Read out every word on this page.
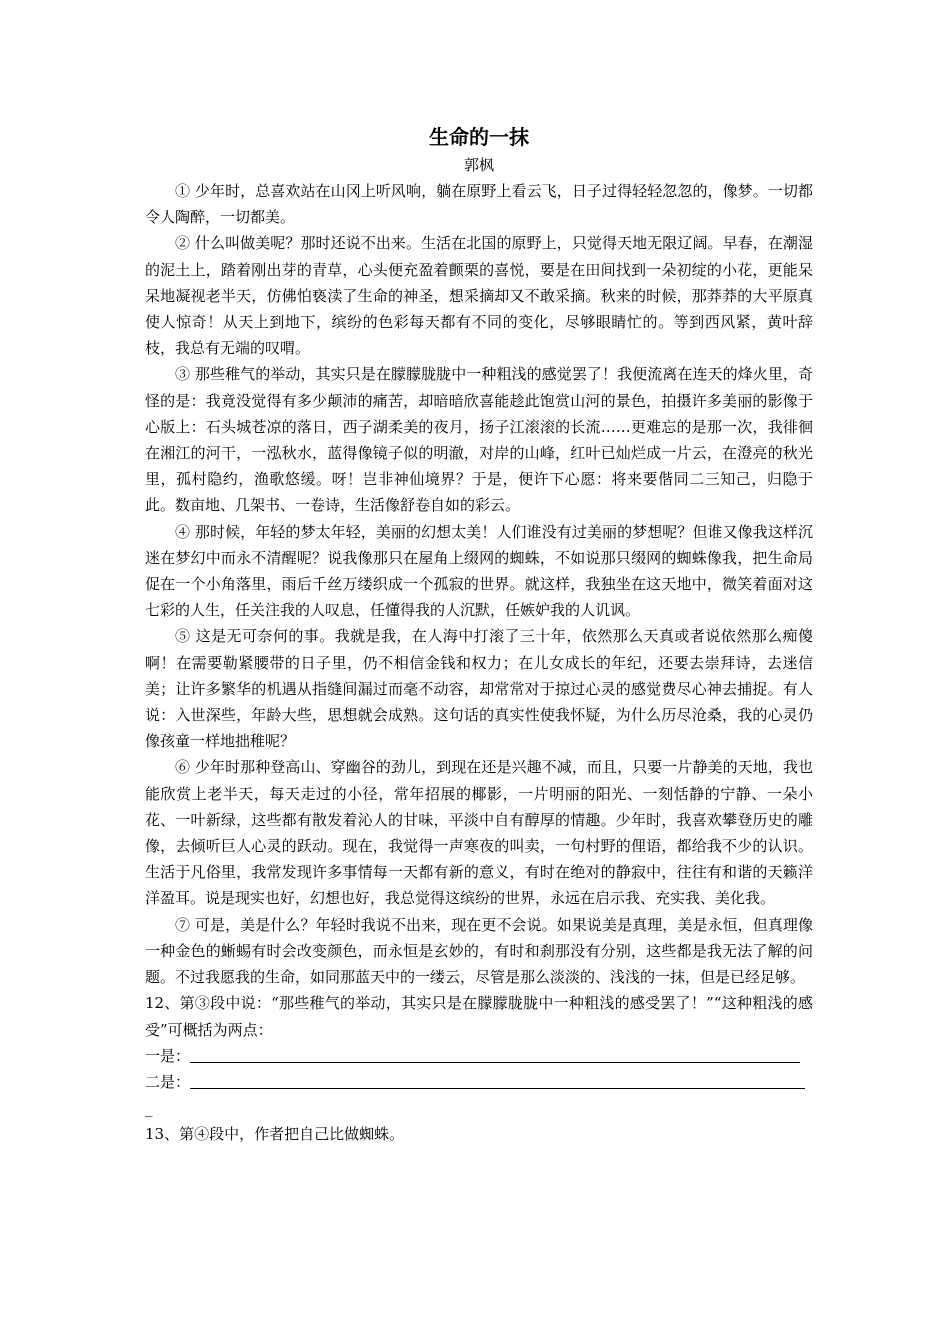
生命的一抹

郭枫

① 少年时，总喜欢站在山冈上听风响，躺在原野上看云飞，日子过得轻轻忽忽的，像梦。一切都令人陶醉，一切都美。

② 什么叫做美呢？那时还说不出来。生活在北国的原野上，只觉得天地无限辽阔。早春，在潮湿的泥土上，踏着刚出芽的青草，心头便充盈着颤栗的喜悦，要是在田间找到一朵初绽的小花，更能呆呆地凝视老半天，仿佛怕亵渎了生命的神圣，想采摘却又不敢采摘。秋来的时候，那莽莽的大平原真使人惊奇！从天上到地下，缤纷的色彩每天都有不同的变化，尽够眼睛忙的。等到西风紧，黄叶辞枝，我总有无端的叹喟。

③ 那些稚气的举动，其实只是在朦朦胧胧中一种粗浅的感觉罢了！我便流离在连天的烽火里，奇怪的是：我竟没觉得有多少颠沛的痛苦，却暗暗欣喜能趁此饱赏山河的景色，拍摄许多美丽的影像于心版上：石头城苍凉的落日，西子湖柔美的夜月，扬子江滚滚的长流……更难忘的是那一次，我徘徊在湘江的河干，一泓秋水，蓝得像镜子似的明澈，对岸的山峰，红叶已灿烂成一片云，在澄亮的秋光里，孤村隐约，渔歌悠缓。呀！岂非神仙境界？于是，便许下心愿：将来要偕同二三知己，归隐于此。数亩地、几架书、一卷诗，生活像舒卷自如的彩云。

④ 那时候，年轻的梦太年轻，美丽的幻想太美！人们谁没有过美丽的梦想呢？但谁又像我这样沉迷在梦幻中而永不清醒呢？说我像那只在屋角上缀网的蜘蛛，不如说那只缀网的蜘蛛像我，把生命局促在一个小角落里，雨后千丝万缕织成一个孤寂的世界。就这样，我独坐在这天地中，微笑着面对这七彩的人生，任关注我的人叹息，任懂得我的人沉默，任嫉妒我的人讥讽。

⑤ 这是无可奈何的事。我就是我，在人海中打滚了三十年，依然那么天真或者说依然那么痴傻啊！在需要勒紧腰带的日子里，仍不相信金钱和权力；在儿女成长的年纪，还要去崇拜诗，去迷信美；让许多繁华的机遇从指缝间漏过而毫不动容，却常常对于掠过心灵的感觉费尽心神去捕捉。有人说：入世深些，年龄大些，思想就会成熟。这句话的真实性使我怀疑，为什么历尽沧桑，我的心灵仍像孩童一样地拙稚呢？

⑥ 少年时那种登高山、穿幽谷的劲儿，到现在还是兴趣不减，而且，只要一片静美的天地，我也能欣赏上老半天，每天走过的小径，常年招展的椰影，一片明丽的阳光、一刻恬静的宁静、一朵小花、一叶新绿，这些都有散发着沁人的甘味，平淡中自有醇厚的情趣。少年时，我喜欢攀登历史的雕像，去倾听巨人心灵的跃动。现在，我觉得一声寒夜的叫卖，一句村野的俚语，都给我不少的认识。生活于凡俗里，我常发现许多事情每一天都有新的意义，有时在绝对的静寂中，往往有和谐的天籁洋洋盈耳。说是现实也好，幻想也好，我总觉得这缤纷的世界，永远在启示我、充实我、美化我。

⑦ 可是，美是什么？年轻时我说不出来，现在更不会说。如果说美是真理，美是永恒，但真理像一种金色的蜥蜴有时会改变颜色，而永恒是玄妙的，有时和刹那没有分别，这些都是我无法了解的问题。不过我愿我的生命，如同那蓝天中的一缕云，尽管是那么淡淡的、浅浅的一抹，但是已经足够。

12、第③段中说：“那些稚气的举动，其实只是在朦朦胧胧中一种粗浅的感受罢了！”“这种粗浅的感受”可概括为两点：

一是：
二是：

_

13、第④段中，作者把自己比做蜘蛛。
